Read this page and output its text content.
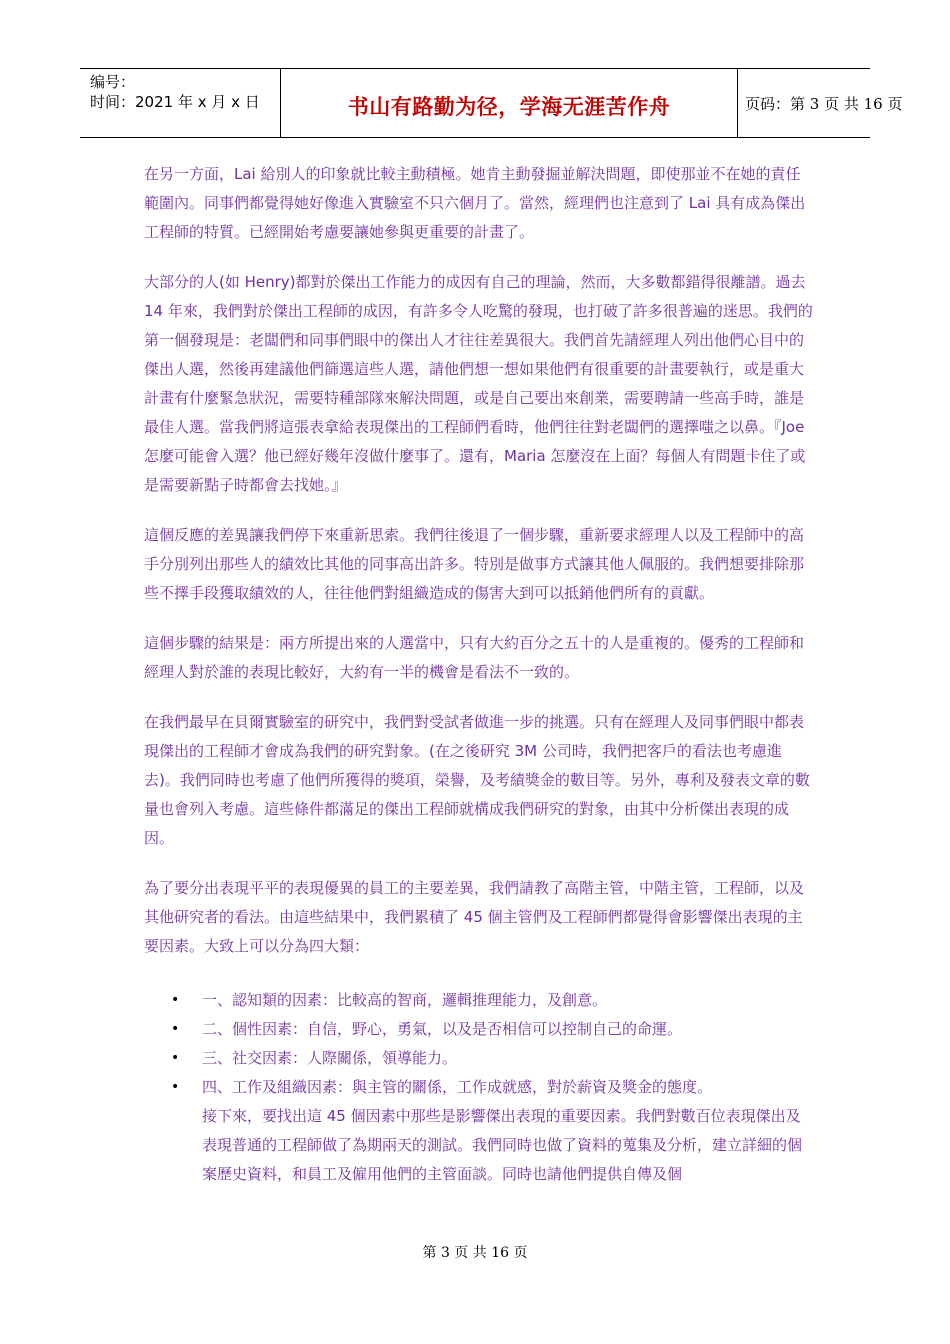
编号：
时间：2021 年 x 月 x 日	书山有路勤为径，学海无涯苦作舟	页码：第 3 页 共 16 页

在另一方面，Lai 給別人的印象就比較主動積極。她肯主動發掘並解決問題，即使那並不在她的責任範圍內。同事們都覺得她好像進入實驗室不只六個月了。當然，經理們也注意到了 Lai 具有成為傑出工程師的特質。已經開始考慮要讓她參與更重要的計畫了。

大部分的人(如 Henry)都對於傑出工作能力的成因有自己的理論，然而，大多數都錯得很離譜。過去 14 年來，我們對於傑出工程師的成因，有許多令人吃驚的發現，也打破了許多很普遍的迷思。我們的第一個發現是：老闆們和同事們眼中的傑出人才往往差異很大。我們首先請經理人列出他們心目中的傑出人選，然後再建議他們篩選這些人選，請他們想一想如果他們有很重要的計畫要執行，或是重大計畫有什麼緊急狀況，需要特種部隊來解決問題，或是自己要出來創業，需要聘請一些高手時，誰是最佳人選。當我們將這張表拿給表現傑出的工程師們看時，他們往往對老闆們的選擇嗤之以鼻。『Joe 怎麼可能會入選？他已經好幾年沒做什麼事了。還有，Maria 怎麼沒在上面？每個人有問題卡住了或是需要新點子時都會去找她。』

這個反應的差異讓我們停下來重新思索。我們往後退了一個步驟，重新要求經理人以及工程師中的高手分別列出那些人的績效比其他的同事高出許多。特別是做事方式讓其他人佩服的。我們想要排除那些不擇手段獲取績效的人，往往他們對組織造成的傷害大到可以抵銷他們所有的貢獻。

這個步驟的結果是：兩方所提出來的人選當中，只有大約百分之五十的人是重複的。優秀的工程師和經理人對於誰的表現比較好，大約有一半的機會是看法不一致的。

在我們最早在貝爾實驗室的研究中，我們對受試者做進一步的挑選。只有在經理人及同事們眼中都表現傑出的工程師才會成為我們的研究對象。(在之後研究 3M 公司時，我們把客戶的看法也考慮進去)。我們同時也考慮了他們所獲得的獎項，榮譽，及考績獎金的數目等。另外，專利及發表文章的數量也會列入考慮。這些條件都滿足的傑出工程師就構成我們研究的對象，由其中分析傑出表現的成因。

為了要分出表現平平的表現優異的員工的主要差異，我們請教了高階主管，中階主管，工程師，以及其他研究者的看法。由這些結果中，我們累積了 45 個主管們及工程師們都覺得會影響傑出表現的主要因素。大致上可以分為四大類：

• 一、認知類的因素：比較高的智商，邏輯推理能力，及創意。
• 二、個性因素：自信，野心，勇氣，以及是否相信可以控制自己的命運。
• 三、社交因素：人際關係，領導能力。
• 四、工作及組織因素：與主管的關係，工作成就感，對於薪資及獎金的態度。

接下來，要找出這 45 個因素中那些是影響傑出表現的重要因素。我們對數百位表現傑出及表現普通的工程師做了為期兩天的測試。我們同時也做了資料的蒐集及分析，建立詳細的個案歷史資料，和員工及僱用他們的主管面談。同時也請他們提供自傳及個

第 3 页 共 16 页
